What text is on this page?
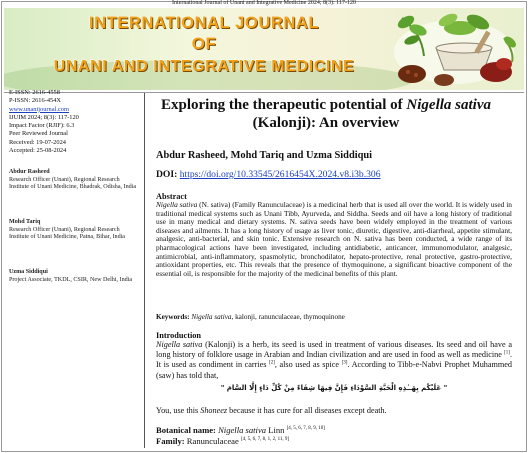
International Journal of Unani and Integrative Medicine 2024; 8(3): 117-120
INTERNATIONAL JOURNAL
OF
UNANI AND INTEGRATIVE MEDICINE
E-ISSN: 2616-4558
P-ISSN: 2616-454X
www.unanijournal.com
IJUIM 2024; 8(3): 117-120
Impact Factor (RJIF): 6.3
Peer Reviewed Journal
Received: 19-07-2024
Accepted: 25-08-2024
Abdur Rasheed
Research Officer (Unani), Regional Research Institute of Unani Medicine, Bhadrak, Odisha, India
Mohd Tariq
Research Officer (Unani), Regional Research Institute of Unani Medicine, Patna, Bihar, India
Uzma Siddiqui
Project Associate, TKDL, CSIR, New Delhi, India
Exploring the therapeutic potential of Nigella sativa
(Kalonji): An overview
Abdur Rasheed, Mohd Tariq and Uzma Siddiqui
DOI: https://doi.org/10.33545/2616454X.2024.v8.i3b.306
Abstract
Nigella sativa (N. sativa) (Family Ranunculaceae) is a medicinal herb that is used all over the world. It is widely used in traditional medical systems such as Unani Tibb, Ayurveda, and Siddha. Seeds and oil have a long history of traditional use in many medical and dietary systems. N. sativa seeds have been widely employed in the treatment of various diseases and ailments. It has a long history of usage as liver tonic, diuretic, digestive, anti-diarrheal, appetite stimulant, analgesic, anti-bacterial, and skin tonic. Extensive research on N. sativa has been conducted, a wide range of its pharmacological actions have been investigated, including antidiabetic, anticancer, immunomodulator, analgesic, antimicrobial, anti-inflammatory, spasmolytic, bronchodilator, hepato-protective, renal protective, gastro-protective, antioxidant properties, etc. This reveals that the presence of thymoquinone, a significant bioactive component of the essential oil, is responsible for the majority of the medicinal benefits of this plant.
Keywords: Nigella sativa, kalonji, ranunculaceae, thymoquinone
Introduction
Nigella sativa (Kalonji) is a herb, its seed is used in treatment of various diseases. Its seed and oil have a long history of folklore usage in Arabian and Indian civilization and are used in food as well as medicine [1]. It is used as condiment in carries [2], also used as spice [3]. According to Tibb-e-Nabvi Prophet Muhammed (saw) has told that,
" عَلَيْكُم بِهَــٰذِهِ الْحَبَّةِ السَّوْدَاءِ فَإِنَّ فِيهَا شِفَاءً مِنْ كُلِّ دَاءٍ إِلَّا السَّامَ "
You, use this Shoneez because it has cure for all diseases except death.
Botanical name: Nigella sativa Linn [4, 5, 6, 7, 8, 9, 10]
Family: Ranunculaceae [4, 5, 6, 7, 8, 1, 2, 11, 9]
